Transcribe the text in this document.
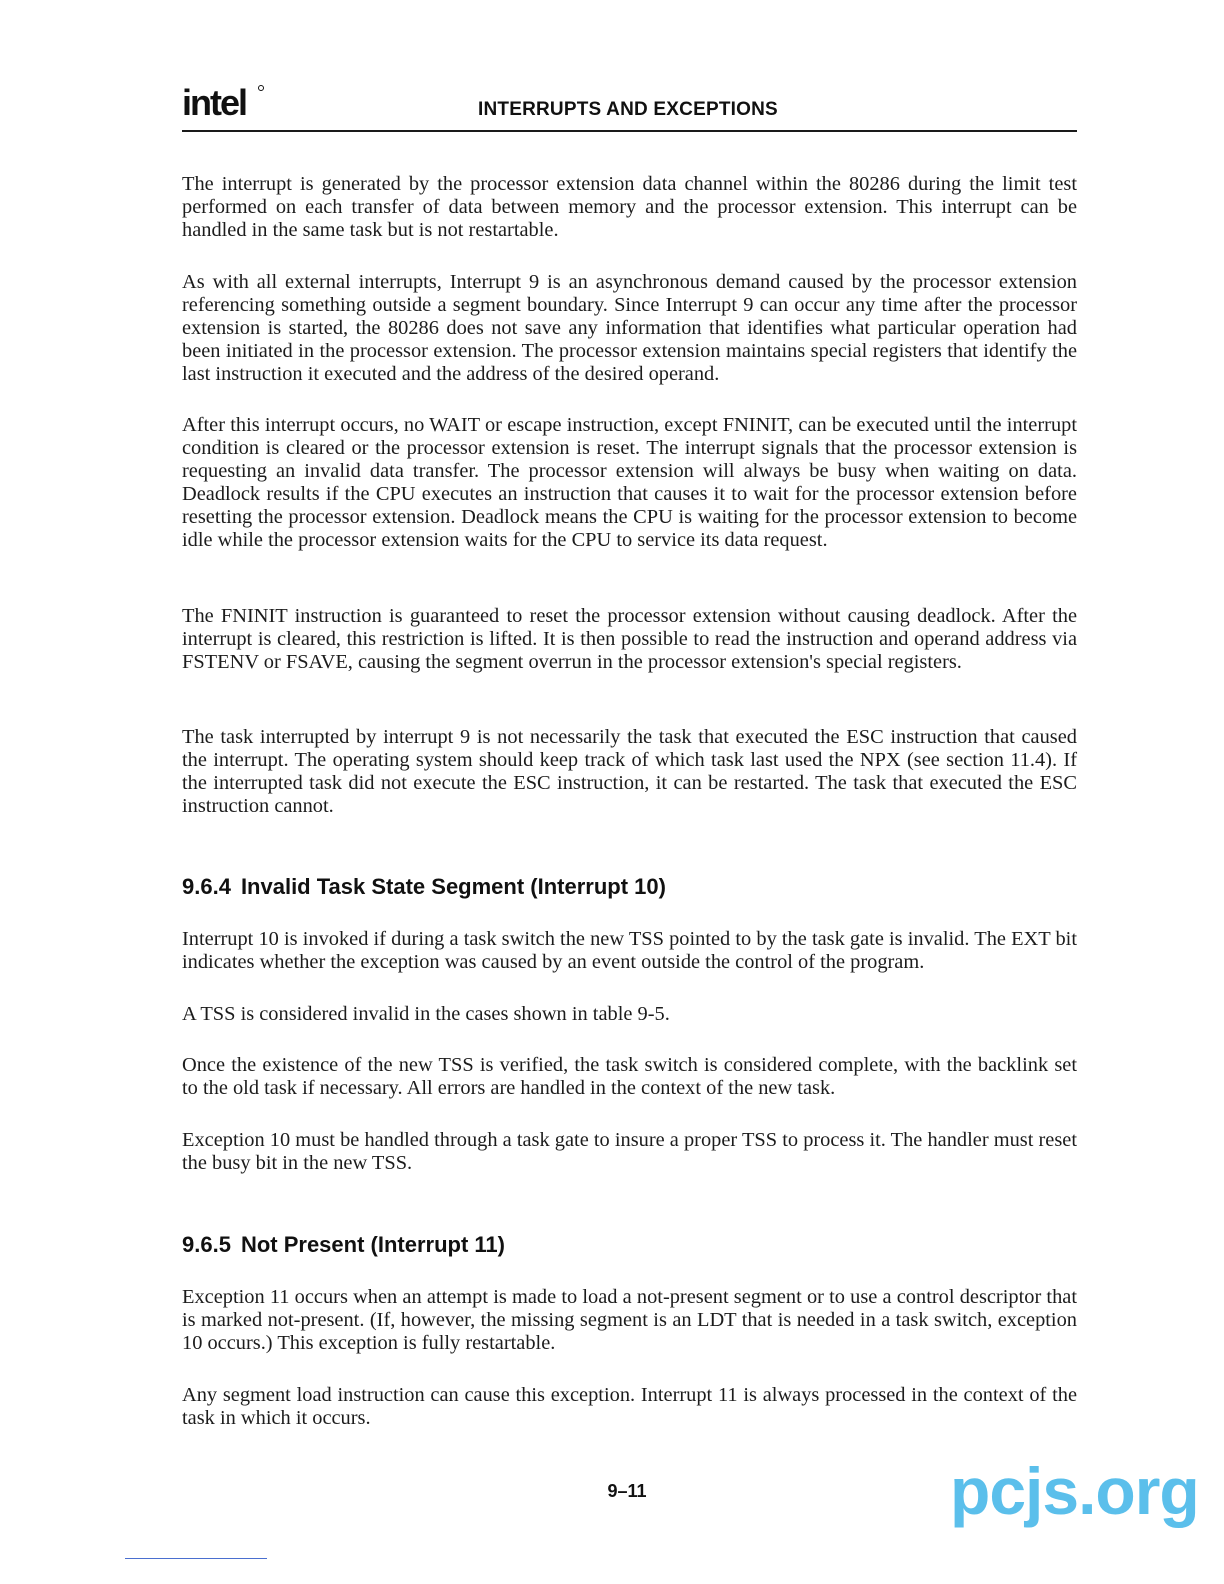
intel	INTERRUPTS AND EXCEPTIONS

The interrupt is generated by the processor extension data channel within the 80286 during the limit test performed on each transfer of data between memory and the processor extension. This interrupt can be handled in the same task but is not restartable.

As with all external interrupts, Interrupt 9 is an asynchronous demand caused by the processor extension referencing something outside a segment boundary. Since Interrupt 9 can occur any time after the processor extension is started, the 80286 does not save any information that identifies what particular operation had been initiated in the processor extension. The processor extension maintains special registers that identify the last instruction it executed and the address of the desired operand.

After this interrupt occurs, no WAIT or escape instruction, except FNINIT, can be executed until the interrupt condition is cleared or the processor extension is reset. The interrupt signals that the processor extension is requesting an invalid data transfer. The processor extension will always be busy when waiting on data. Deadlock results if the CPU executes an instruction that causes it to wait for the processor extension before resetting the processor extension. Deadlock means the CPU is waiting for the processor extension to become idle while the processor extension waits for the CPU to service its data request.

The FNINIT instruction is guaranteed to reset the processor extension without causing deadlock. After the interrupt is cleared, this restriction is lifted. It is then possible to read the instruction and operand address via FSTENV or FSAVE, causing the segment overrun in the processor extension's special registers.

The task interrupted by interrupt 9 is not necessarily the task that executed the ESC instruction that caused the interrupt. The operating system should keep track of which task last used the NPX (see section 11.4). If the interrupted task did not execute the ESC instruction, it can be restarted. The task that executed the ESC instruction cannot.

9.6.4 Invalid Task State Segment (Interrupt 10)

Interrupt 10 is invoked if during a task switch the new TSS pointed to by the task gate is invalid. The EXT bit indicates whether the exception was caused by an event outside the control of the program.

A TSS is considered invalid in the cases shown in table 9-5.

Once the existence of the new TSS is verified, the task switch is considered complete, with the backlink set to the old task if necessary. All errors are handled in the context of the new task.

Exception 10 must be handled through a task gate to insure a proper TSS to process it. The handler must reset the busy bit in the new TSS.

9.6.5 Not Present (Interrupt 11)

Exception 11 occurs when an attempt is made to load a not-present segment or to use a control descriptor that is marked not-present. (If, however, the missing segment is an LDT that is needed in a task switch, exception 10 occurs.) This exception is fully restartable.

Any segment load instruction can cause this exception. Interrupt 11 is always processed in the context of the task in which it occurs.

9–11	pcjs.org
